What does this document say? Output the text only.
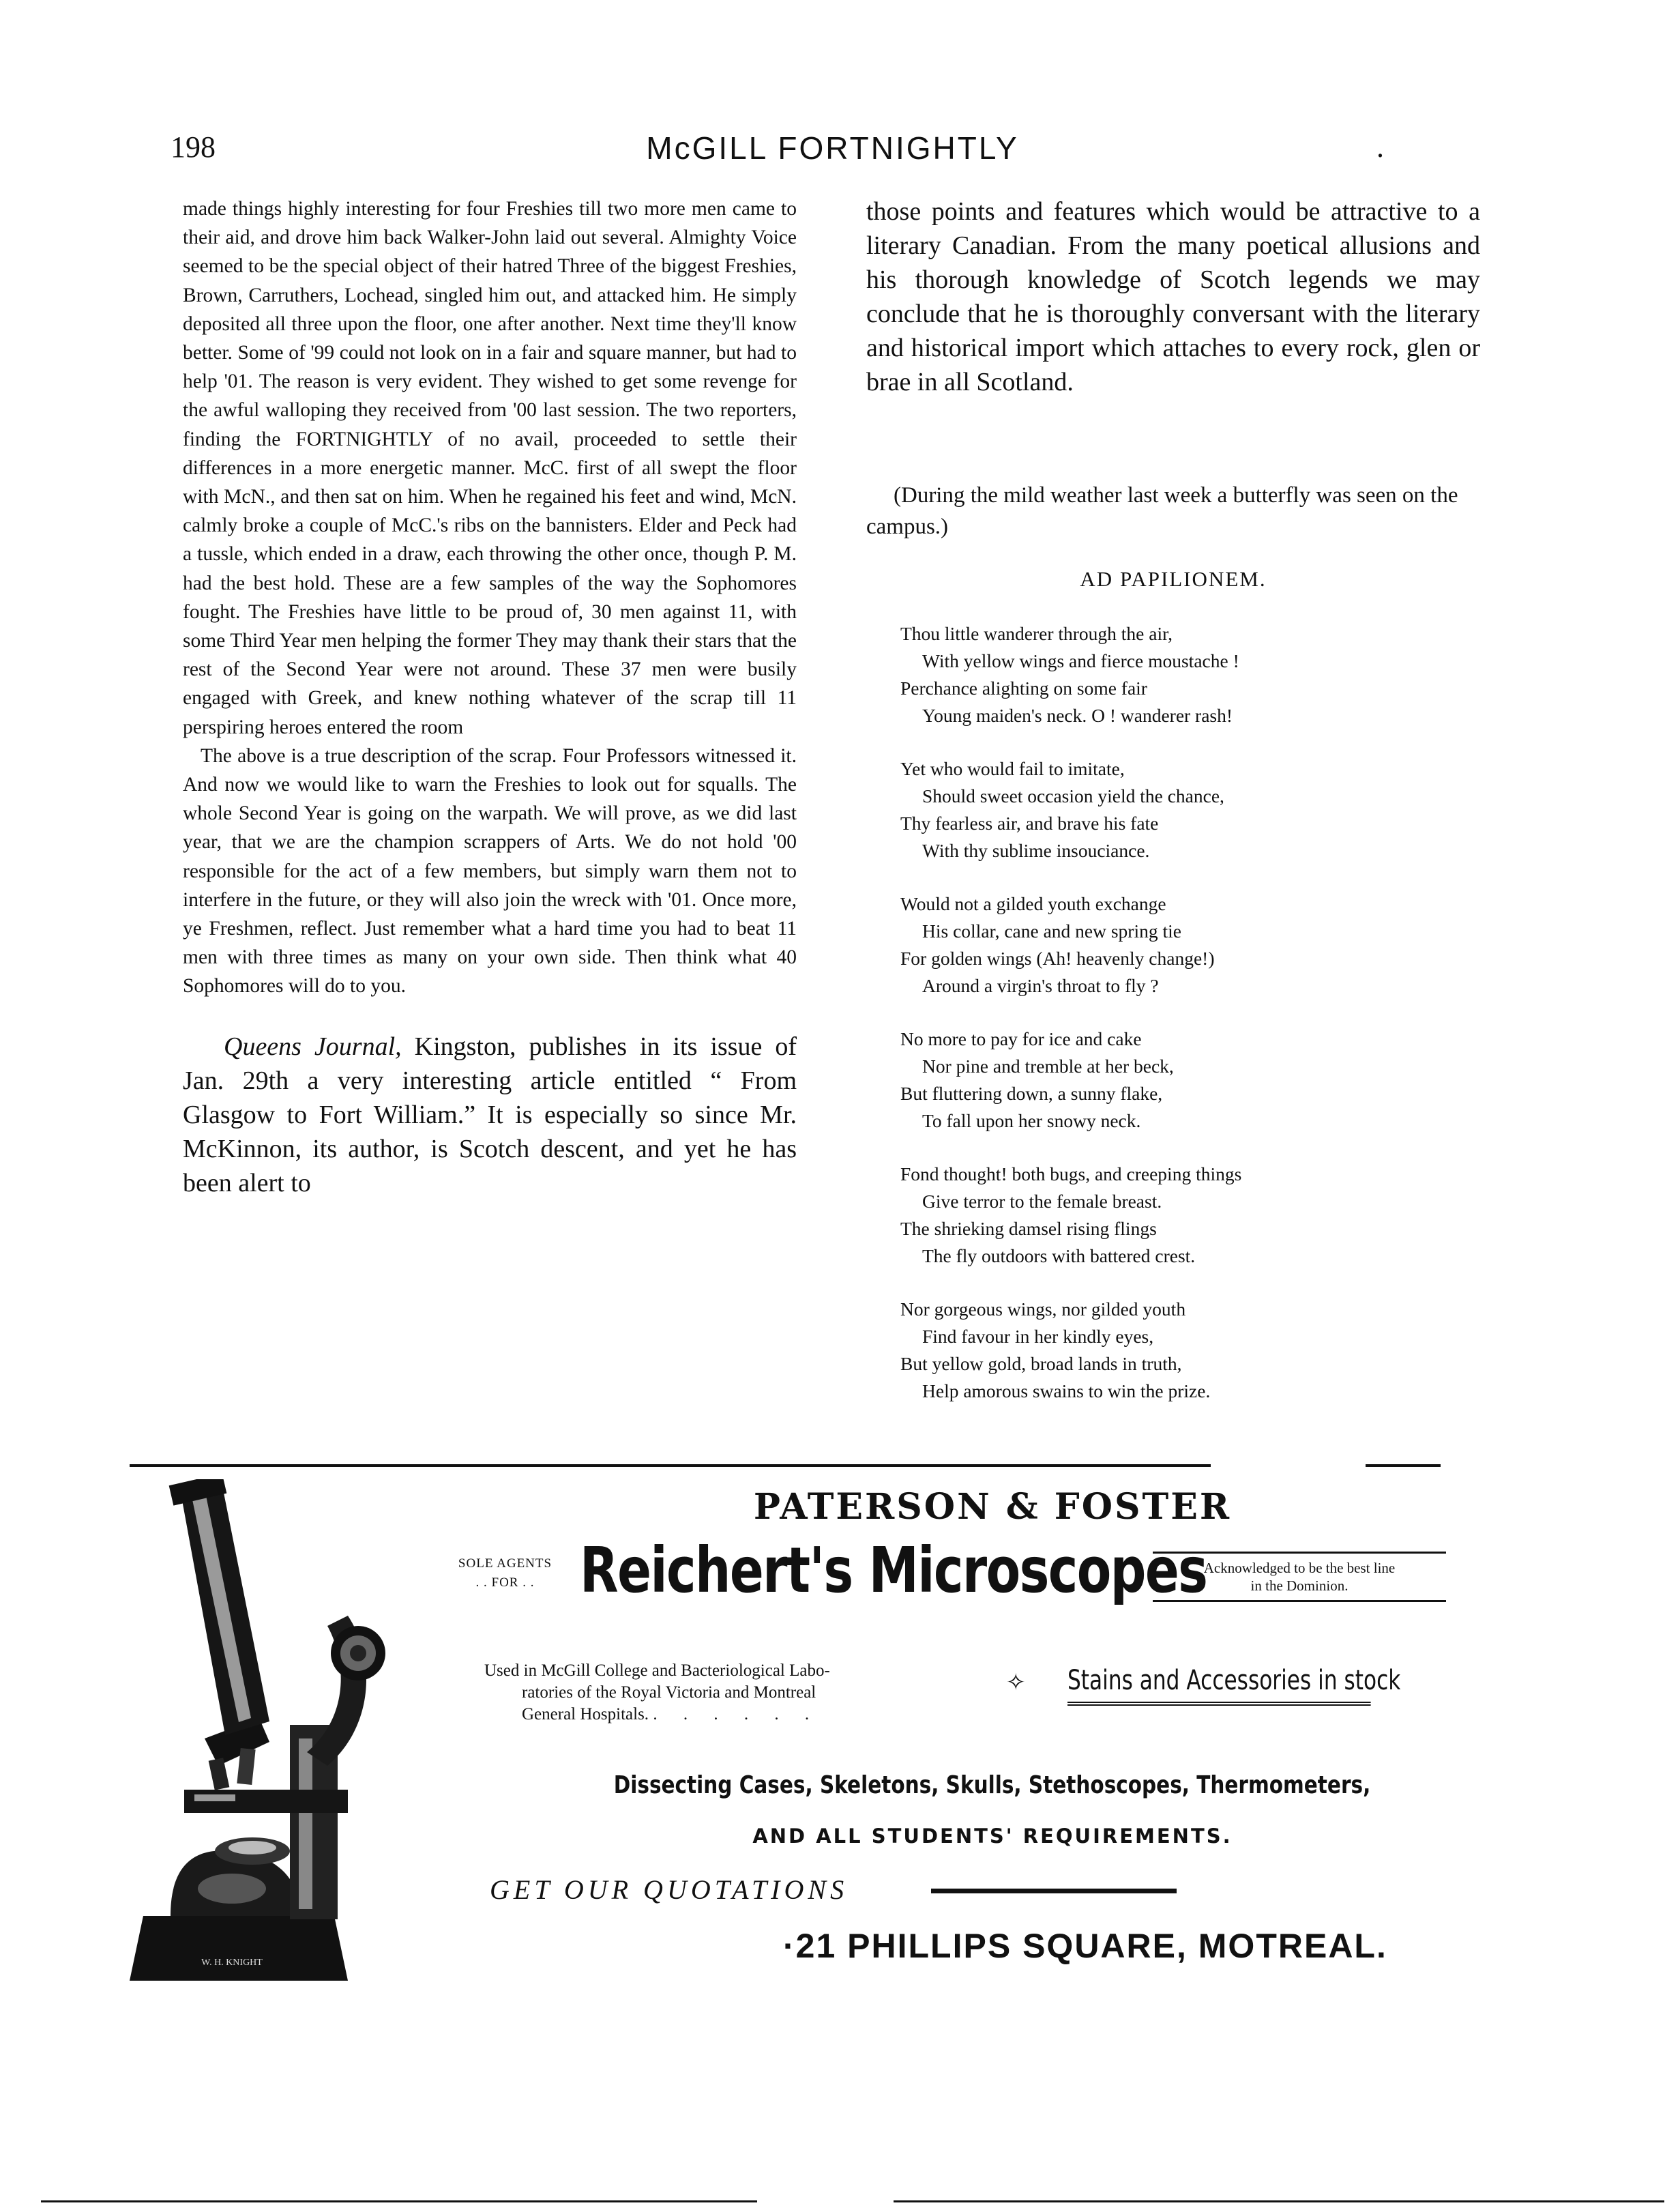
198	McGILL FORTNIGHTLY	.

made things highly interesting for four Freshies till two more men came to their aid, and drove him back Walker-John laid out several. Almighty Voice seemed to be the special object of their hatred Three of the biggest Freshies, Brown, Carruthers, Lochead, singled him out, and attacked him. He simply deposited all three upon the floor, one after another. Next time they'll know better. Some of '99 could not look on in a fair and square manner, but had to help '01. The reason is very evident. They wished to get some revenge for the awful walloping they received from '00 last session. The two reporters, finding the FORTNIGHTLY of no avail, proceeded to settle their differences in a more energetic manner. McC. first of all swept the floor with McN., and then sat on him. When he regained his feet and wind, McN. calmly broke a couple of McC.'s ribs on the bannisters. Elder and Peck had a tussle, which ended in a draw, each throwing the other once, though P. M. had the best hold. These are a few samples of the way the Sophomores fought. The Freshies have little to be proud of, 30 men against 11, with some Third Year men helping the former They may thank their stars that the rest of the Second Year were not around. These 37 men were busily engaged with Greek, and knew nothing whatever of the scrap till 11 perspiring heroes entered the room

The above is a true description of the scrap. Four Professors witnessed it. And now we would like to warn the Freshies to look out for squalls. The whole Second Year is going on the warpath. We will prove, as we did last year, that we are the champion scrappers of Arts. We do not hold '00 responsible for the act of a few members, but simply warn them not to interfere in the future, or they will also join the wreck with '01. Once more, ye Freshmen, reflect. Just remember what a hard time you had to beat 11 men with three times as many on your own side. Then think what 40 Sophomores will do to you.

Queens Journal, Kingston, publishes in its issue of Jan. 29th a very interesting article entitled “ From Glasgow to Fort William.” It is especially so since Mr. McKinnon, its author, is Scotch descent, and yet he has been alert to

those points and features which would be attractive to a literary Canadian. From the many poetical allusions and his thorough knowledge of Scotch legends we may conclude that he is thoroughly conversant with the literary and historical import which attaches to every rock, glen or brae in all Scotland.

(During the mild weather last week a butterfly was seen on the campus.)

AD PAPILIONEM.
Thou little wanderer through the air,
With yellow wings and fierce moustache !
Perchance alighting on some fair
Young maiden's neck. O ! wanderer rash!
Yet who would fail to imitate,
Should sweet occasion yield the chance,
Thy fearless air, and brave his fate
With thy sublime insouciance.
Would not a gilded youth exchange
His collar, cane and new spring tie
For golden wings (Ah! heavenly change!)
Around a virgin's throat to fly ?
No more to pay for ice and cake
Nor pine and tremble at her beck,
But fluttering down, a sunny flake,
To fall upon her snowy neck.
Fond thought! both bugs, and creeping things
Give terror to the female breast.
The shrieking damsel rising flings
The fly outdoors with battered crest.
Nor gorgeous wings, nor gilded youth
Find favour in her kindly eyes,
But yellow gold, broad lands in truth,
Help amorous swains to win the prize.
W. H. KNIGHT
PATERSON & FOSTER
SOLE AGENTS
. . FOR . . Reichert's Microscopes
Acknowledged to be the best line
in the Dominion.
Used in McGill College and Bacteriological Labo-
ratories of the Royal Victoria and Montreal
General Hospitals. . . . . . .
✧ Stains and Accessories in stock
Dissecting Cases, Skeletons, Skulls, Stethoscopes, Thermometers,
AND ALL STUDENTS' REQUIREMENTS.
GET OUR QUOTATIONS
·21 PHILLIPS SQUARE, MOTREAL.
